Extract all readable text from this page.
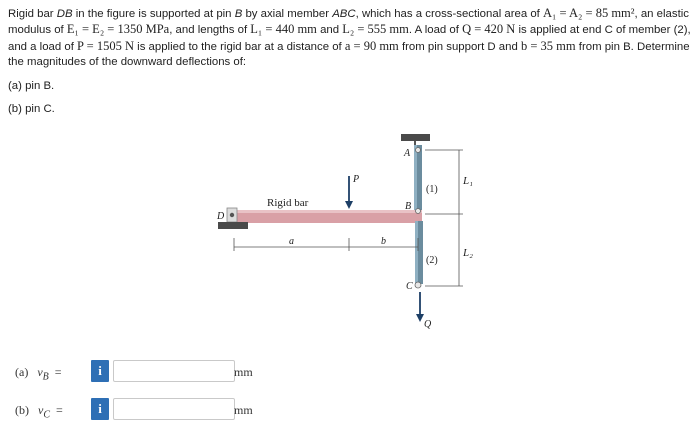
Rigid bar DB in the figure is supported at pin B by axial member ABC, which has a cross-sectional area of A₁ = A₂ = 85 mm², an elastic modulus of E₁ = E₂ = 1350 MPa, and lengths of L₁ = 440 mm and L₂ = 555 mm. A load of Q = 420 N is applied at end C of member (2), and a load of P = 1505 N is applied to the rigid bar at a distance of a = 90 mm from pin support D and b = 35 mm from pin B. Determine the magnitudes of the downward deflections of:

(a) pin B.
(b) pin C.
Rigid bar
P
Q
A
B
C
D
a	b
(1)
(2)
L₁
L₂
(a) $v_B$ =	i	mm
(b) $v_C$ =	i	mm
